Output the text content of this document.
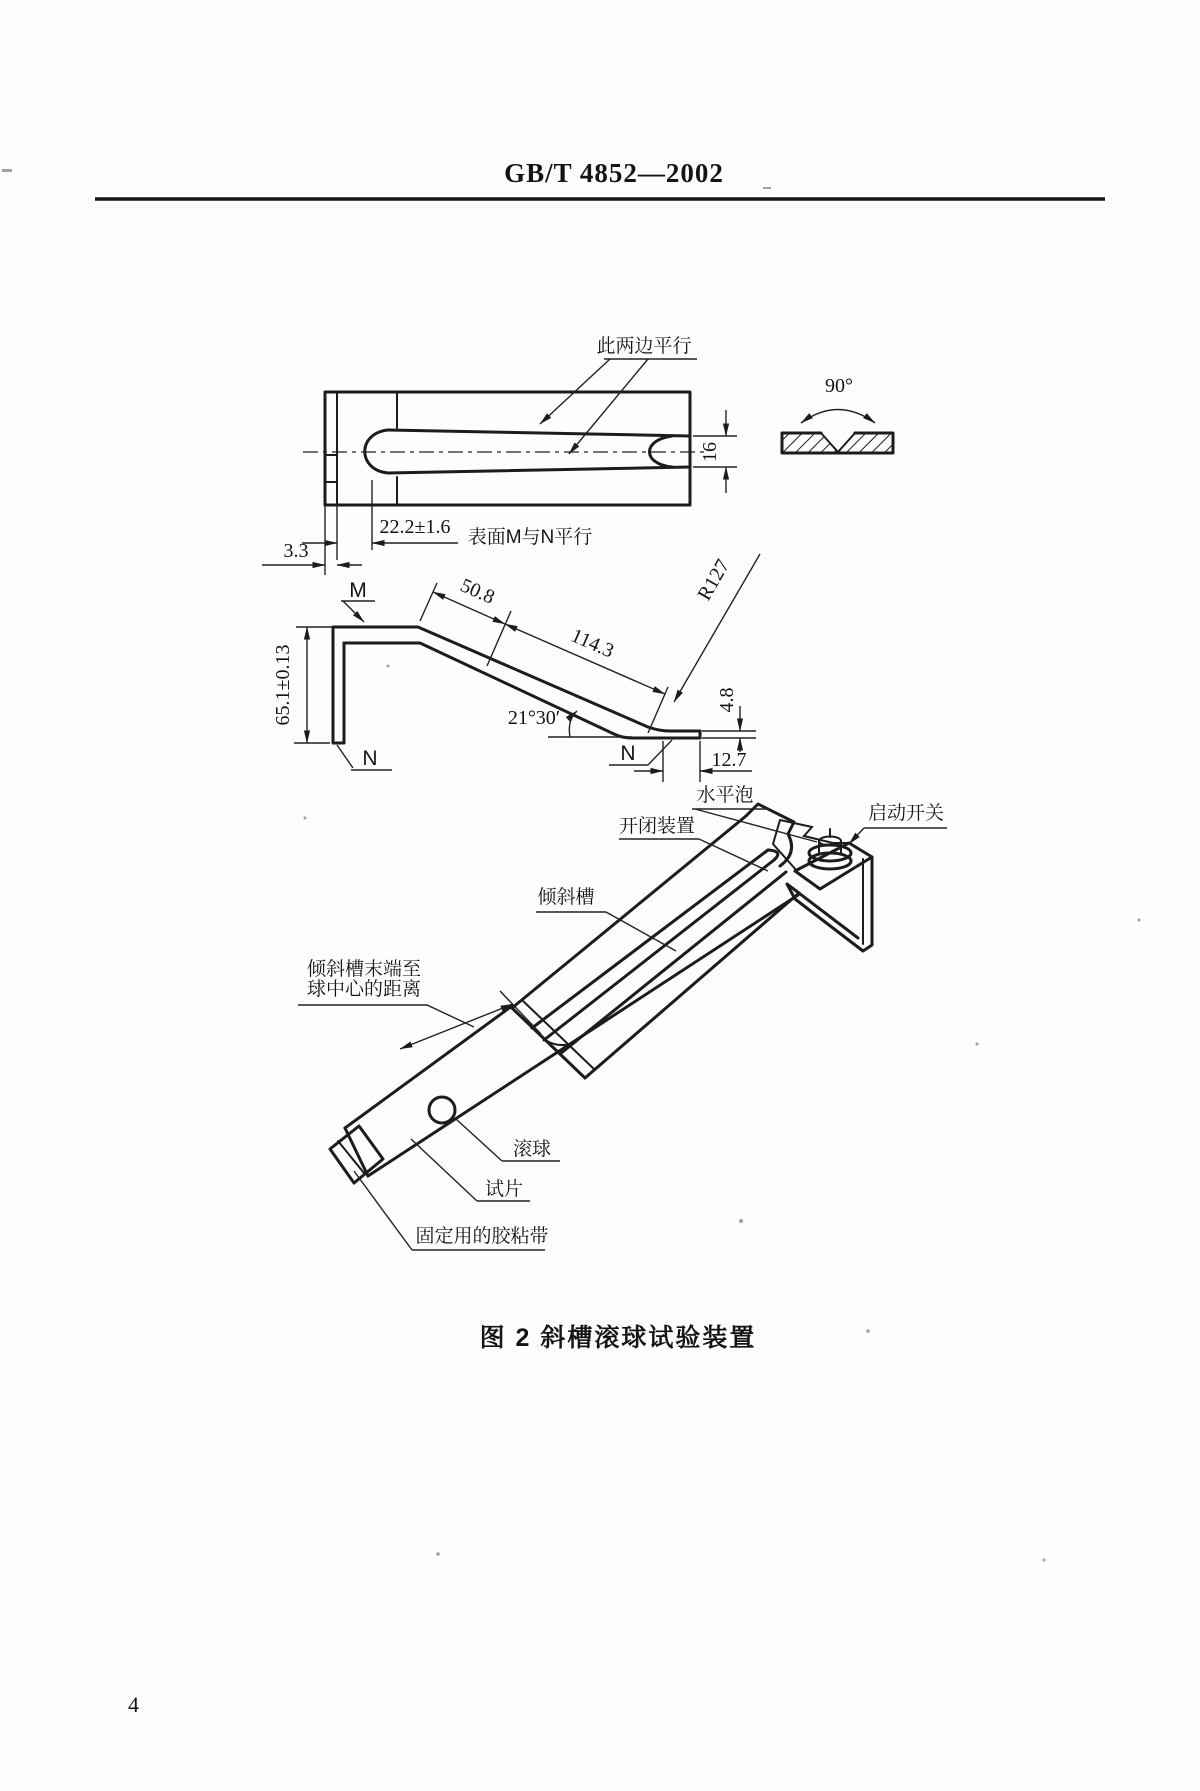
GB/T 4852—2002
此两边平行
16
22.2±1.6 表面M与N平行
3.3
90°
M
N	N
65.1±0.13
50.8
114.3
R127
21°30′
4.8
12.7
水平泡
启动开关
开闭装置
倾斜槽
倾斜槽末端至
球中心的距离
滚球
试片
固定用的胶粘带
图 2 斜槽滚球试验装置
4
